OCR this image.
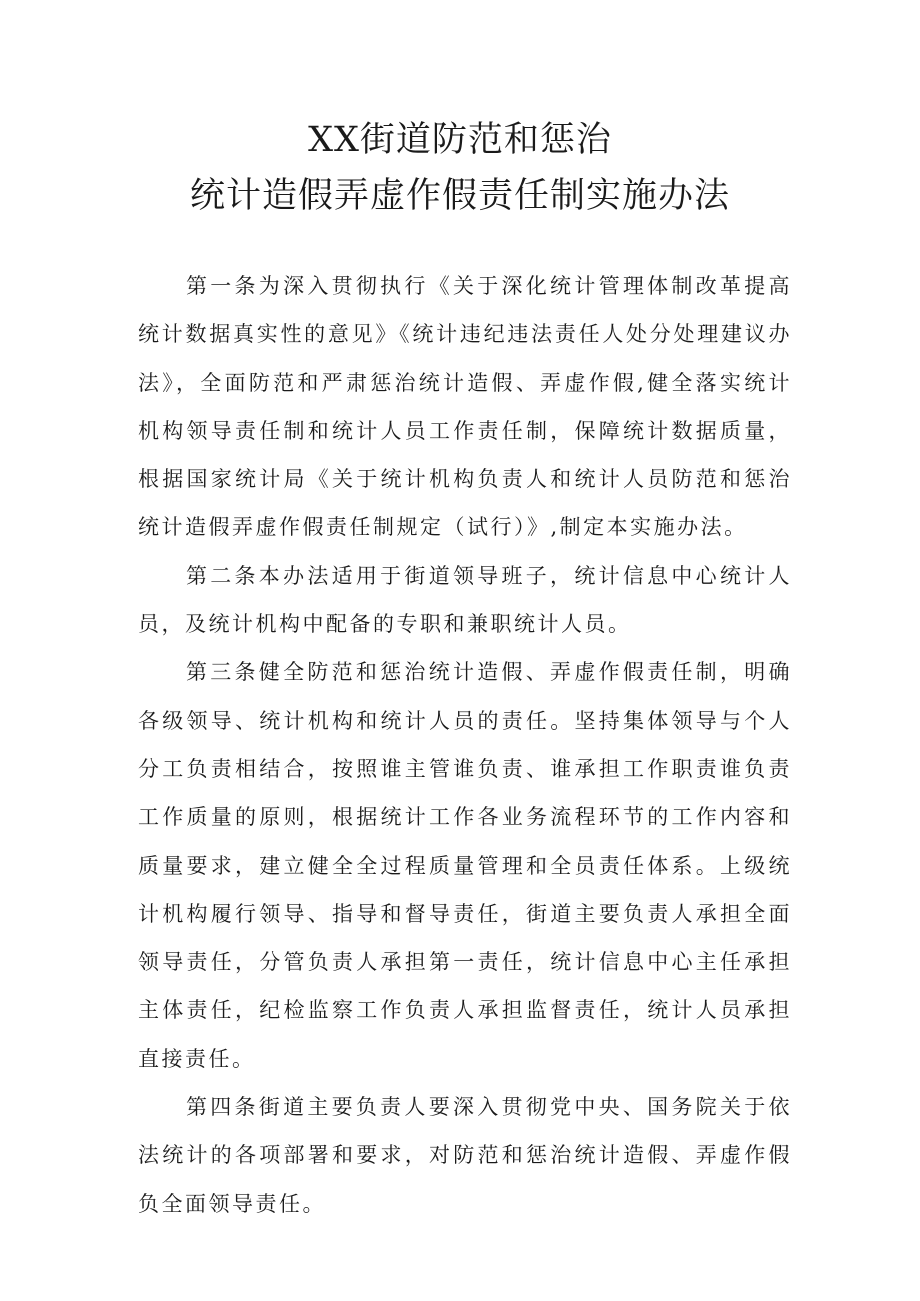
XX街道防范和惩治
统计造假弄虚作假责任制实施办法

第一条为深入贯彻执行《关于深化统计管理体制改革提高统计数据真实性的意见》《统计违纪违法责任人处分处理建议办法》，全面防范和严肃惩治统计造假、弄虚作假,健全落实统计机构领导责任制和统计人员工作责任制，保障统计数据质量，根据国家统计局《关于统计机构负责人和统计人员防范和惩治统计造假弄虚作假责任制规定（试行）》,制定本实施办法。

第二条本办法适用于街道领导班子，统计信息中心统计人员，及统计机构中配备的专职和兼职统计人员。

第三条健全防范和惩治统计造假、弄虚作假责任制，明确各级领导、统计机构和统计人员的责任。坚持集体领导与个人分工负责相结合，按照谁主管谁负责、谁承担工作职责谁负责工作质量的原则，根据统计工作各业务流程环节的工作内容和质量要求，建立健全全过程质量管理和全员责任体系。上级统计机构履行领导、指导和督导责任，街道主要负责人承担全面领导责任，分管负责人承担第一责任，统计信息中心主任承担主体责任，纪检监察工作负责人承担监督责任，统计人员承担直接责任。

第四条街道主要负责人要深入贯彻党中央、国务院关于依法统计的各项部署和要求，对防范和惩治统计造假、弄虚作假负全面领导责任。
